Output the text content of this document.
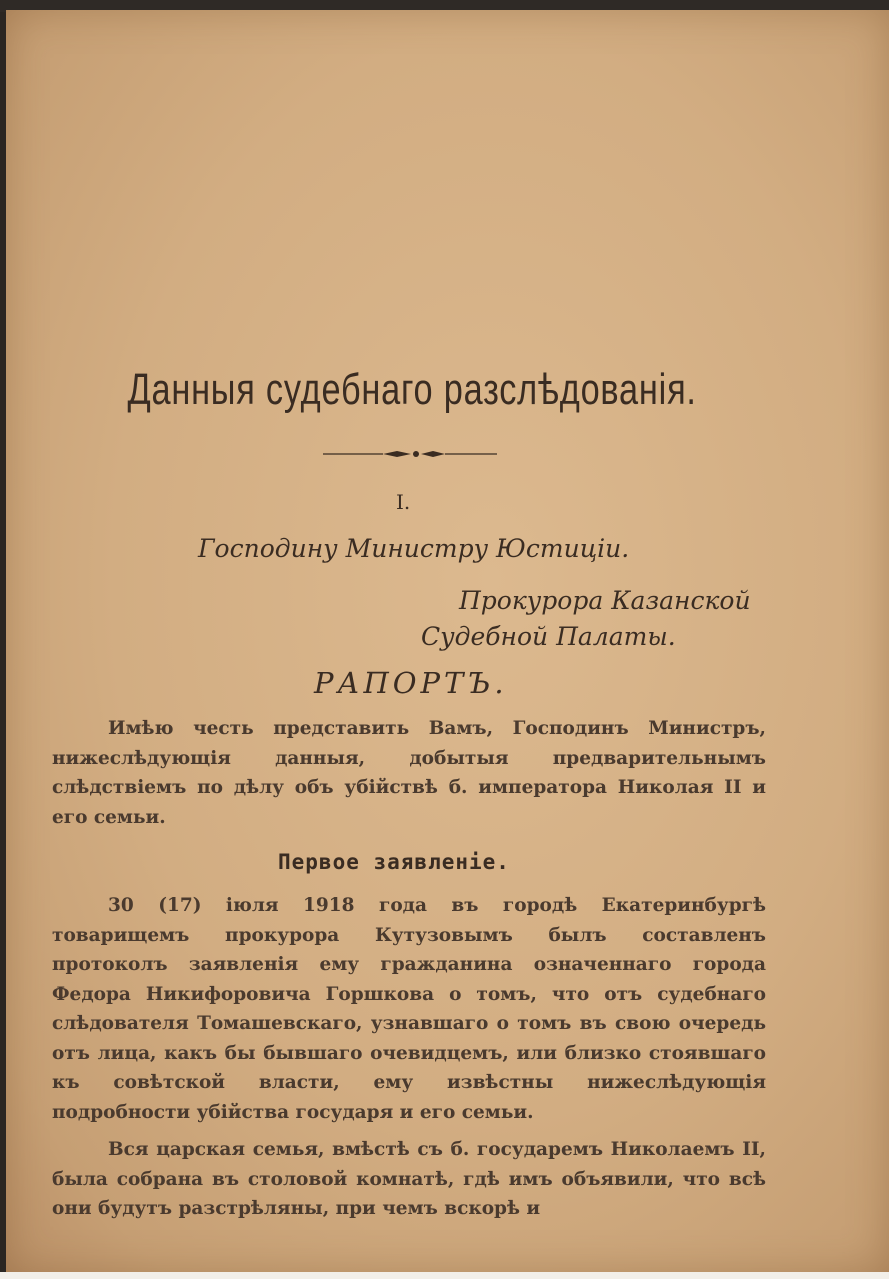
Данныя судебнаго разслѣдованія.
I.
Господину Министру Юстиціи.
Прокурора Казанской
Судебной Палаты.
РАПОРТЪ.
Имѣю честь представить Вамъ, Господинъ Министръ, нижеслѣдующія данныя, добытыя предварительнымъ слѣдствіемъ по дѣлу объ убійствѣ б. императора Николая II и его семьи.
Первое заявленіе.
30 (17) іюля 1918 года въ городѣ Екатеринбургѣ товарищемъ прокурора Кутузовымъ былъ составленъ протоколъ заявленія ему гражданина означеннаго города Федора Никифоровича Горшкова о томъ, что отъ судебнаго слѣдователя Томашевскаго, узнавшаго о томъ въ свою очередь отъ лица, какъ бы бывшаго очевидцемъ, или близко стоявшаго къ совѣтской власти, ему извѣстны нижеслѣдующія подробности убійства государя и его семьи.
Вся царская семья, вмѣстѣ съ б. государемъ Николаемъ II, была собрана въ столовой комнатѣ, гдѣ имъ объявили, что всѣ они будутъ разстрѣляны, при чемъ вскорѣ и
